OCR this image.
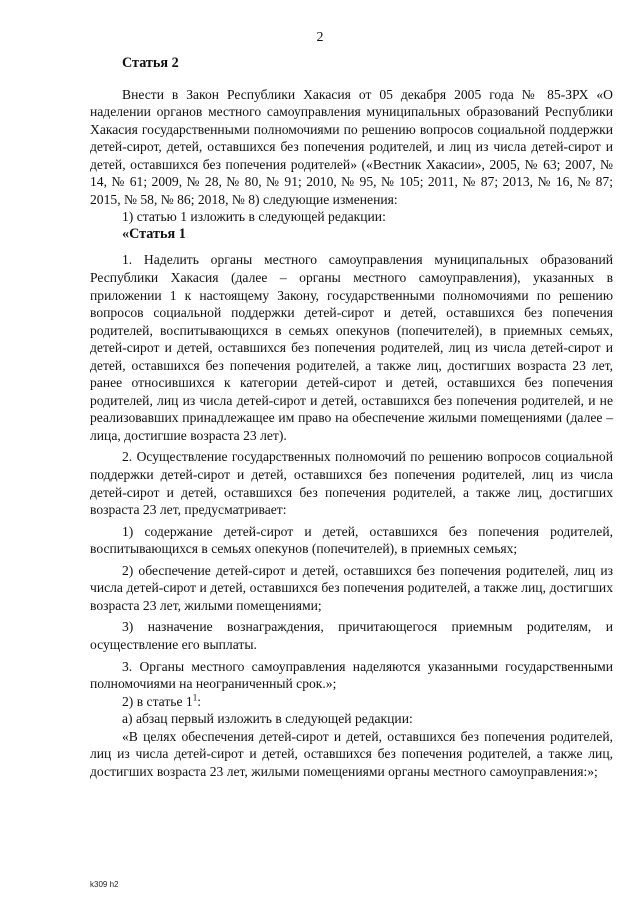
2

Статья 2

Внести в Закон Республики Хакасия от 05 декабря 2005 года № 85-ЗРХ «О наделении органов местного самоуправления муниципальных образований Республики Хакасия государственными полномочиями по решению вопросов социальной поддержки детей-сирот, детей, оставшихся без попечения родителей, и лиц из числа детей-сирот и детей, оставшихся без попечения родителей» («Вестник Хакасии», 2005, № 63; 2007, № 14, № 61; 2009, № 28, № 80, № 91; 2010, № 95, № 105; 2011, № 87; 2013, № 16, № 87; 2015, № 58, № 86; 2018, № 8) следующие изменения:

1) статью 1 изложить в следующей редакции:

«Статья 1

1. Наделить органы местного самоуправления муниципальных образований Республики Хакасия (далее – органы местного самоуправления), указанных в приложении 1 к настоящему Закону, государственными полномочиями по решению вопросов социальной поддержки детей-сирот и детей, оставшихся без попечения родителей, воспитывающихся в семьях опекунов (попечителей), в приемных семьях, детей-сирот и детей, оставшихся без попечения родителей, лиц из числа детей-сирот и детей, оставшихся без попечения родителей, а также лиц, достигших возраста 23 лет, ранее относившихся к категории детей-сирот и детей, оставшихся без попечения родителей, лиц из числа детей-сирот и детей, оставшихся без попечения родителей, и не реализовавших принадлежащее им право на обеспечение жилыми помещениями (далее – лица, достигшие возраста 23 лет).

2. Осуществление государственных полномочий по решению вопросов социальной поддержки детей-сирот и детей, оставшихся без попечения родителей, лиц из числа детей-сирот и детей, оставшихся без попечения родителей, а также лиц, достигших возраста 23 лет, предусматривает:

1) содержание детей-сирот и детей, оставшихся без попечения родителей, воспитывающихся в семьях опекунов (попечителей), в приемных семьях;

2) обеспечение детей-сирот и детей, оставшихся без попечения родителей, лиц из числа детей-сирот и детей, оставшихся без попечения родителей, а также лиц, достигших возраста 23 лет, жилыми помещениями;

3) назначение вознаграждения, причитающегося приемным родителям, и осуществление его выплаты.

3. Органы местного самоуправления наделяются указанными государственными полномочиями на неограниченный срок.»;

2) в статье $1^1$:

а) абзац первый изложить в следующей редакции:

«В целях обеспечения детей-сирот и детей, оставшихся без попечения родителей, лиц из числа детей-сирот и детей, оставшихся без попечения родителей, а также лиц, достигших возраста 23 лет, жилыми помещениями органы местного самоуправления:»;

k309 h2
